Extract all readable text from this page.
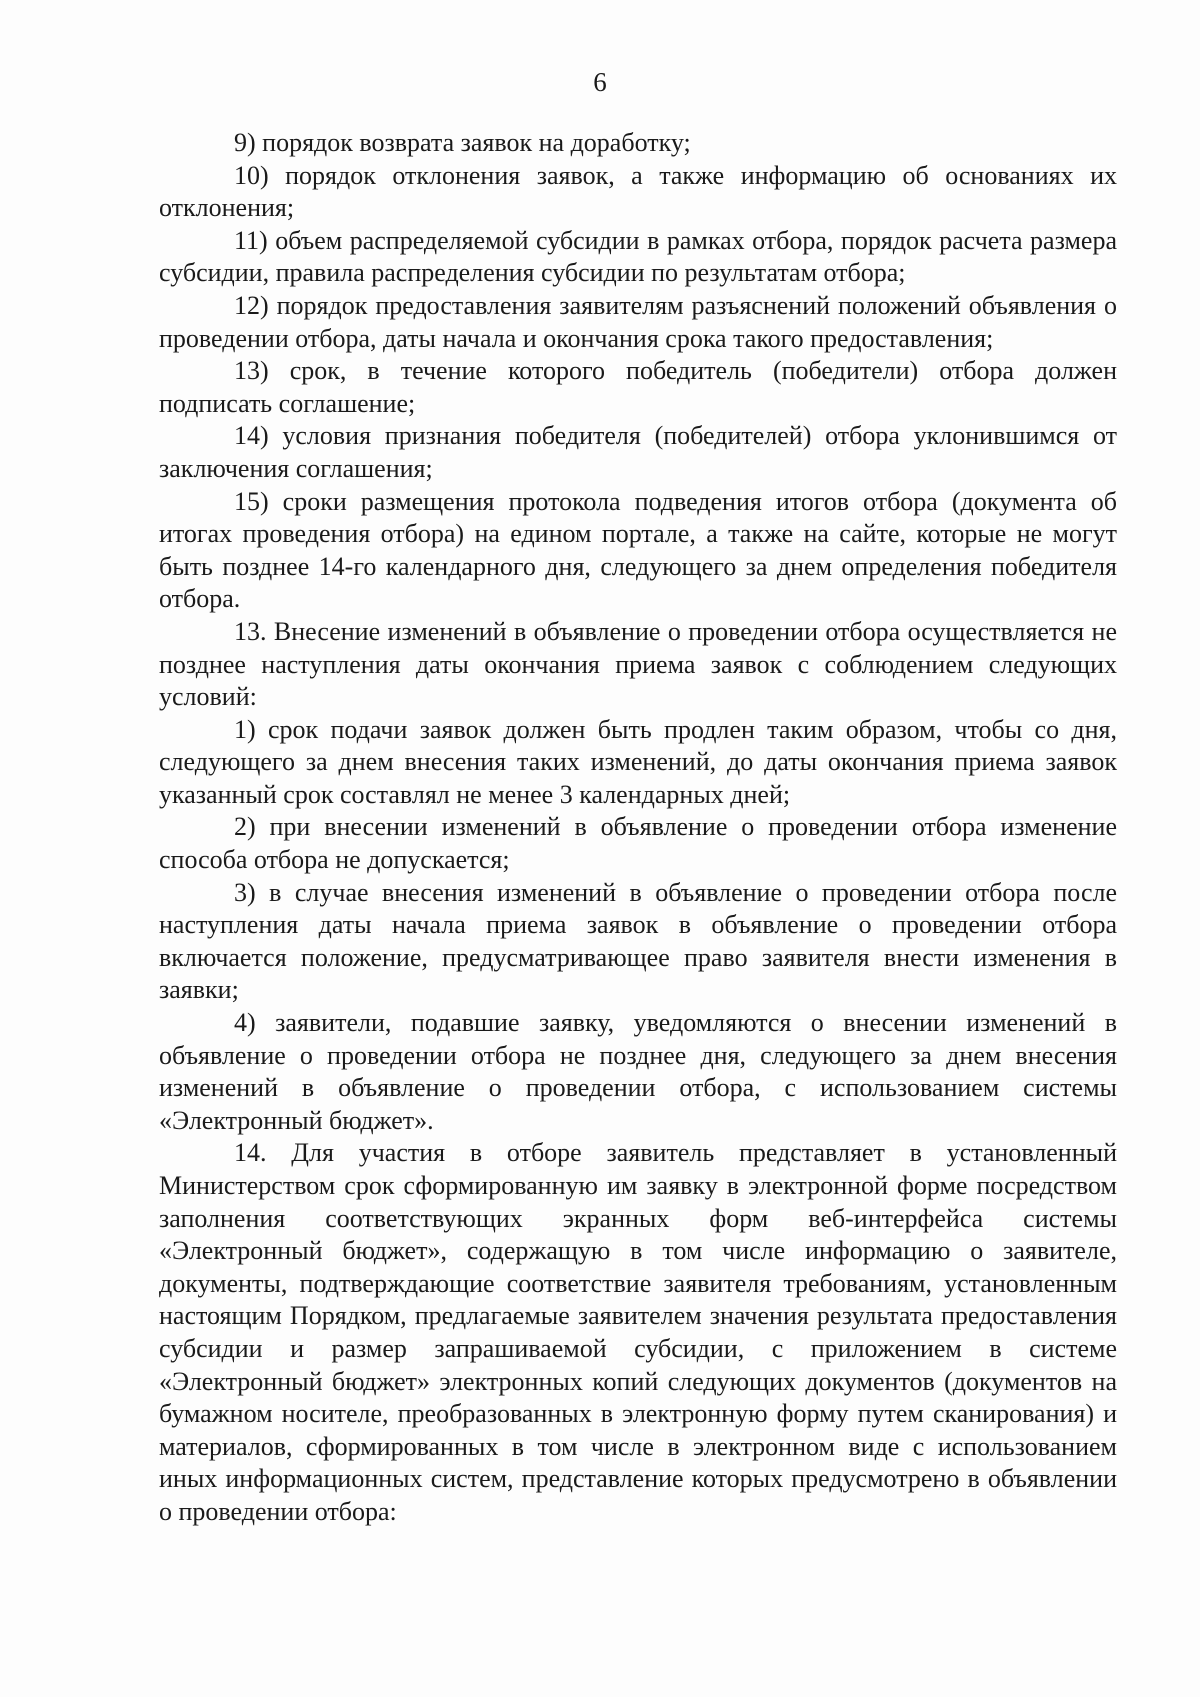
6

9) порядок возврата заявок на доработку;

10) порядок отклонения заявок, а также информацию об основаниях их отклонения;

11) объем распределяемой субсидии в рамках отбора, порядок расчета размера субсидии, правила распределения субсидии по результатам отбора;

12) порядок предоставления заявителям разъяснений положений объявления о проведении отбора, даты начала и окончания срока такого предоставления;

13) срок, в течение которого победитель (победители) отбора должен подписать соглашение;

14) условия признания победителя (победителей) отбора уклонившимся от заключения соглашения;

15) сроки размещения протокола подведения итогов отбора (документа об итогах проведения отбора) на едином портале, а также на сайте, которые не могут быть позднее 14-го календарного дня, следующего за днем определения победителя отбора.

13. Внесение изменений в объявление о проведении отбора осуществляется не позднее наступления даты окончания приема заявок с соблюдением следующих условий:

1) срок подачи заявок должен быть продлен таким образом, чтобы со дня, следующего за днем внесения таких изменений, до даты окончания приема заявок указанный срок составлял не менее 3 календарных дней;

2) при внесении изменений в объявление о проведении отбора изменение способа отбора не допускается;

3) в случае внесения изменений в объявление о проведении отбора после наступления даты начала приема заявок в объявление о проведении отбора включается положение, предусматривающее право заявителя внести изменения в заявки;

4) заявители, подавшие заявку, уведомляются о внесении изменений в объявление о проведении отбора не позднее дня, следующего за днем внесения изменений в объявление о проведении отбора, с использованием системы «Электронный бюджет».

14. Для участия в отборе заявитель представляет в установленный Министерством срок сформированную им заявку в электронной форме посредством заполнения соответствующих экранных форм веб-интерфейса системы «Электронный бюджет», содержащую в том числе информацию о заявителе, документы, подтверждающие соответствие заявителя требованиям, установленным настоящим Порядком, предлагаемые заявителем значения результата предоставления субсидии и размер запрашиваемой субсидии, с приложением в системе «Электронный бюджет» электронных копий следующих документов (документов на бумажном носителе, преобразованных в электронную форму путем сканирования) и материалов, сформированных в том числе в электронном виде с использованием иных информационных систем, представление которых предусмотрено в объявлении о проведении отбора:
